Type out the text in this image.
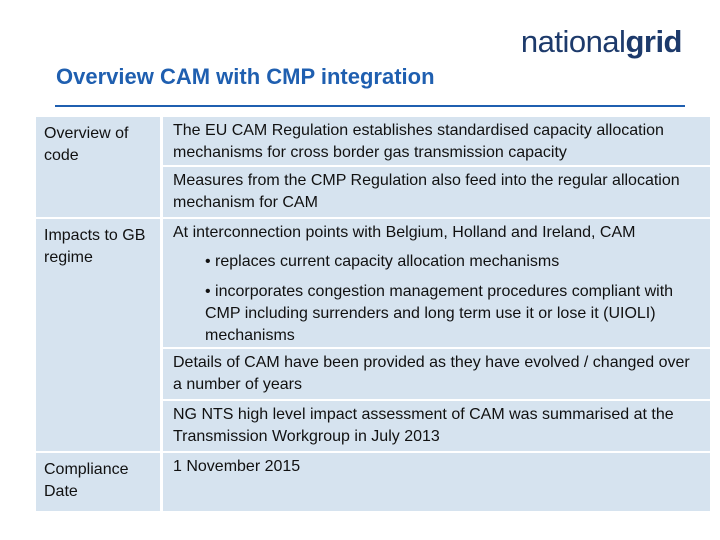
nationalgrid
Overview CAM with CMP integration
Overview of code
The EU CAM Regulation establishes standardised capacity allocation mechanisms for cross border gas transmission capacity
Measures from the CMP Regulation also feed into the regular allocation mechanism for CAM
Impacts to GB regime
At interconnection points with Belgium, Holland and Ireland, CAM
• replaces current capacity allocation mechanisms
• incorporates congestion management procedures compliant with CMP including surrenders and long term use it or lose it (UIOLI) mechanisms
Details of CAM have been provided as they have evolved / changed over a number of years
NG NTS high level impact assessment of CAM was summarised at the Transmission Workgroup in July 2013
Compliance Date
1 November 2015
